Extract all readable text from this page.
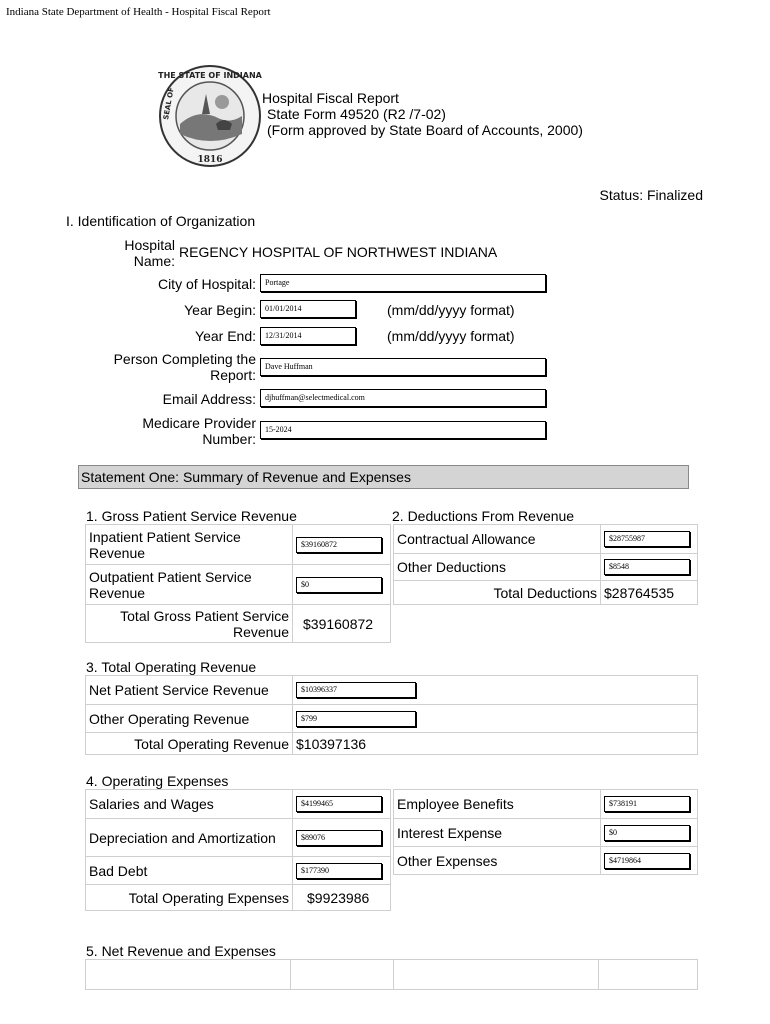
Indiana State Department of Health - Hospital Fiscal Report
THE STATE OF INDIANA
SEAL OF
1816
Hospital Fiscal Report
State Form 49520 (R2 /7-02)
(Form approved by State Board of Accounts, 2000)
Status: Finalized
I. Identification of Organization
Hospital Name:
REGENCY HOSPITAL OF NORTHWEST INDIANA
City of Hospital:	Portage
Year Begin:	01/01/2014	(mm/dd/yyyy format)
Year End:	12/31/2014	(mm/dd/yyyy format)
Person Completing the Report:
Dave Huffman
Email Address:	djhuffman@selectmedical.com
Medicare Provider Number:
15-2024
Statement One: Summary of Revenue and Expenses
1. Gross Patient Service Revenue
Inpatient Patient Service Revenue	$39160872

Outpatient Patient Service Revenue	$0

Total Gross Patient Service Revenue	$39160872
2. Deductions From Revenue
Contractual Allowance	$28755987

Other Deductions	$8548

Total Deductions	$28764535
3. Total Operating Revenue
Net Patient Service Revenue	$10396337

Other Operating Revenue	$799

Total Operating Revenue	$10397136
4. Operating Expenses
Salaries and Wages	$4199465

Depreciation and Amortization	$89076

Bad Debt	$177390

Total Operating Expenses	$9923986
Employee Benefits	$738191

Interest Expense	$0

Other Expenses	$4719864
5. Net Revenue and Expenses
